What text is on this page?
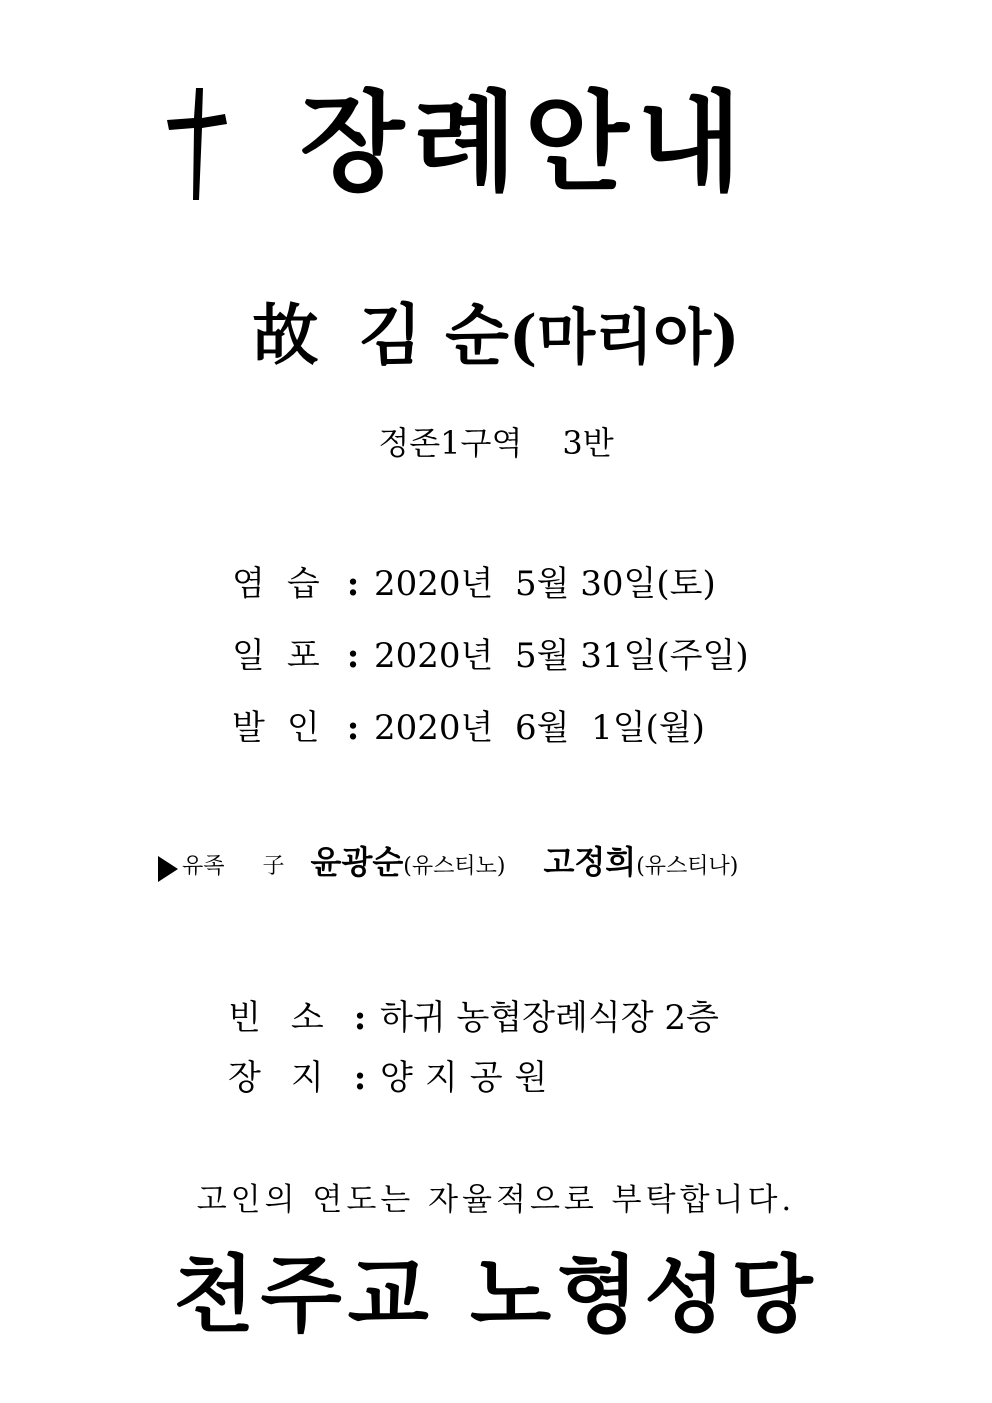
장례안내
故 김 순(마리아)
정존1구역 3반
염습 : 2020년  5월 30일(토)
일포 : 2020년  5월 31일(주일)
발인 : 2020년  6월  1일(월)
유족 子 윤광순(유스티노) 고정희(유스티나)
빈소: 하귀 농협장례식장 2층
장지: 양지공원
고인의 연도는 자율적으로 부탁합니다.
천주교 노형성당
